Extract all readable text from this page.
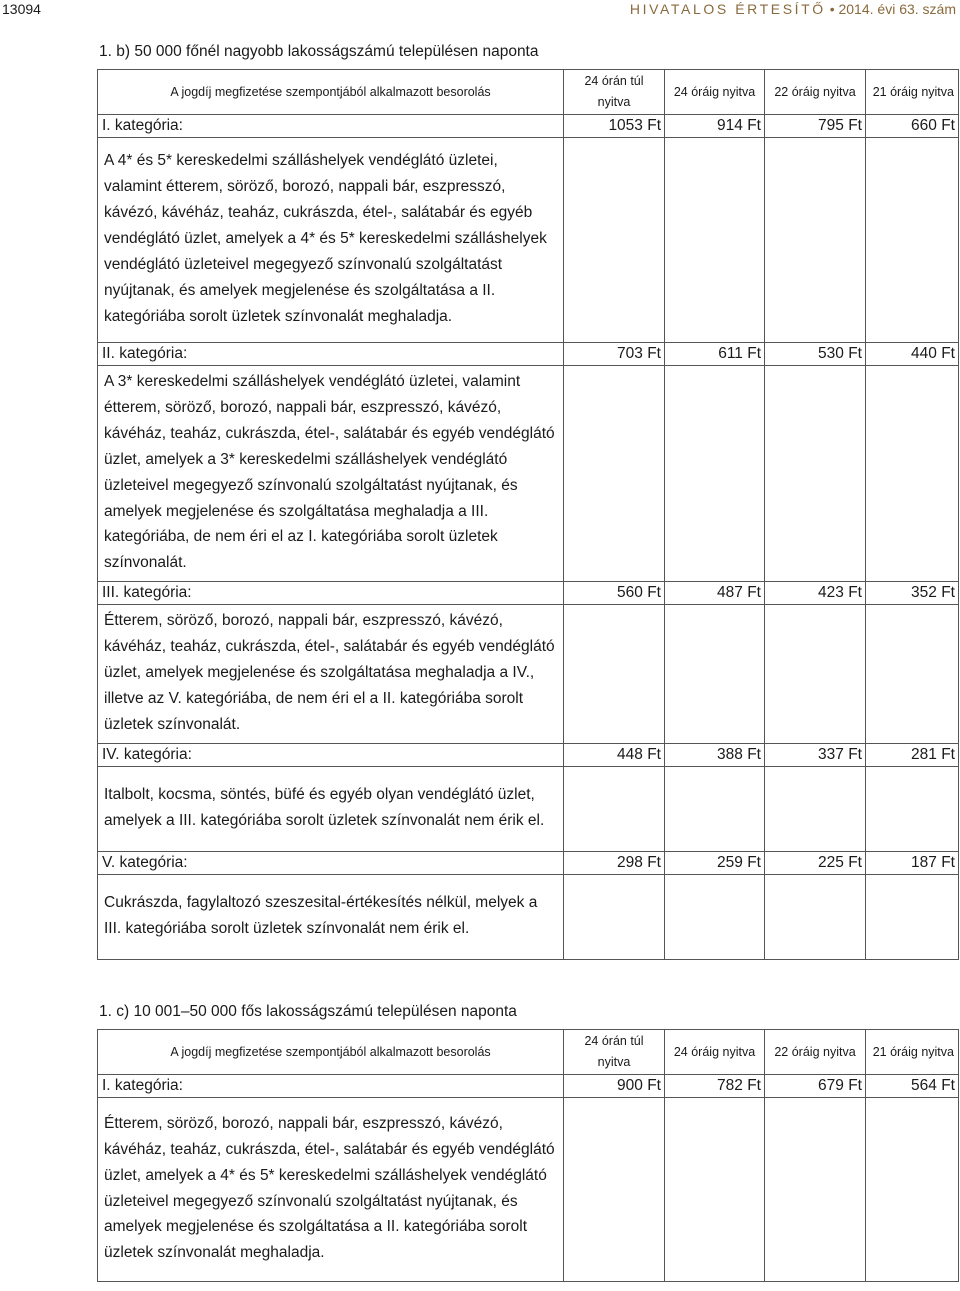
13094	HIVATALOS ÉRTESÍTŐ • 2014. évi 63. szám
1. b) 50 000 főnél nagyobb lakosságszámú településen naponta
A jogdíj megfizetése szempontjából alkalmazott besorolás	24 órán túl nyitva	24 óráig nyitva	22 óráig nyitva	21 óráig nyitva
I. kategória:	1053 Ft	914 Ft	795 Ft	660 Ft
A 4* és 5* kereskedelmi szálláshelyek vendéglátó üzletei, valamint étterem, söröző, borozó, nappali bár, eszpresszó, kávézó, kávéház, teaház, cukrászda, étel-, salátabár és egyéb vendéglátó üzlet, amelyek a 4* és 5* kereskedelmi szálláshelyek vendéglátó üzleteivel megegyező színvonalú szolgáltatást nyújtanak, és amelyek megjelenése és szolgáltatása a II. kategóriába sorolt üzletek színvonalát meghaladja.				
II. kategória:	703 Ft	611 Ft	530 Ft	440 Ft
A 3* kereskedelmi szálláshelyek vendéglátó üzletei, valamint étterem, söröző, borozó, nappali bár, eszpresszó, kávézó, kávéház, teaház, cukrászda, étel-, salátabár és egyéb vendéglátó üzlet, amelyek a 3* kereskedelmi szálláshelyek vendéglátó üzleteivel megegyező színvonalú szolgáltatást nyújtanak, és amelyek megjelenése és szolgáltatása meghaladja a III. kategóriába, de nem éri el az I. kategóriába sorolt üzletek színvonalát.				
III. kategória:	560 Ft	487 Ft	423 Ft	352 Ft
Étterem, söröző, borozó, nappali bár, eszpresszó, kávézó, kávéház, teaház, cukrászda, étel-, salátabár és egyéb vendéglátó üzlet, amelyek megjelenése és szolgáltatása meghaladja a IV., illetve az V. kategóriába, de nem éri el a II. kategóriába sorolt üzletek színvonalát.				
IV. kategória:	448 Ft	388 Ft	337 Ft	281 Ft
Italbolt, kocsma, söntés, büfé és egyéb olyan vendéglátó üzlet, amelyek a III. kategóriába sorolt üzletek színvonalát nem érik el.				
V. kategória:	298 Ft	259 Ft	225 Ft	187 Ft
Cukrászda, fagylaltozó szeszesital-értékesítés nélkül, melyek a III. kategóriába sorolt üzletek színvonalát nem érik el.				
1. c) 10 001–50 000 fős lakosságszámú településen naponta
A jogdíj megfizetése szempontjából alkalmazott besorolás	24 órán túl nyitva	24 óráig nyitva	22 óráig nyitva	21 óráig nyitva
I. kategória:	900 Ft	782 Ft	679 Ft	564 Ft
Étterem, söröző, borozó, nappali bár, eszpresszó, kávézó, kávéház, teaház, cukrászda, étel-, salátabár és egyéb vendéglátó üzlet, amelyek a 4* és 5* kereskedelmi szálláshelyek vendéglátó üzleteivel megegyező színvonalú szolgáltatást nyújtanak, és amelyek megjelenése és szolgáltatása a II. kategóriába sorolt üzletek színvonalát meghaladja.				
